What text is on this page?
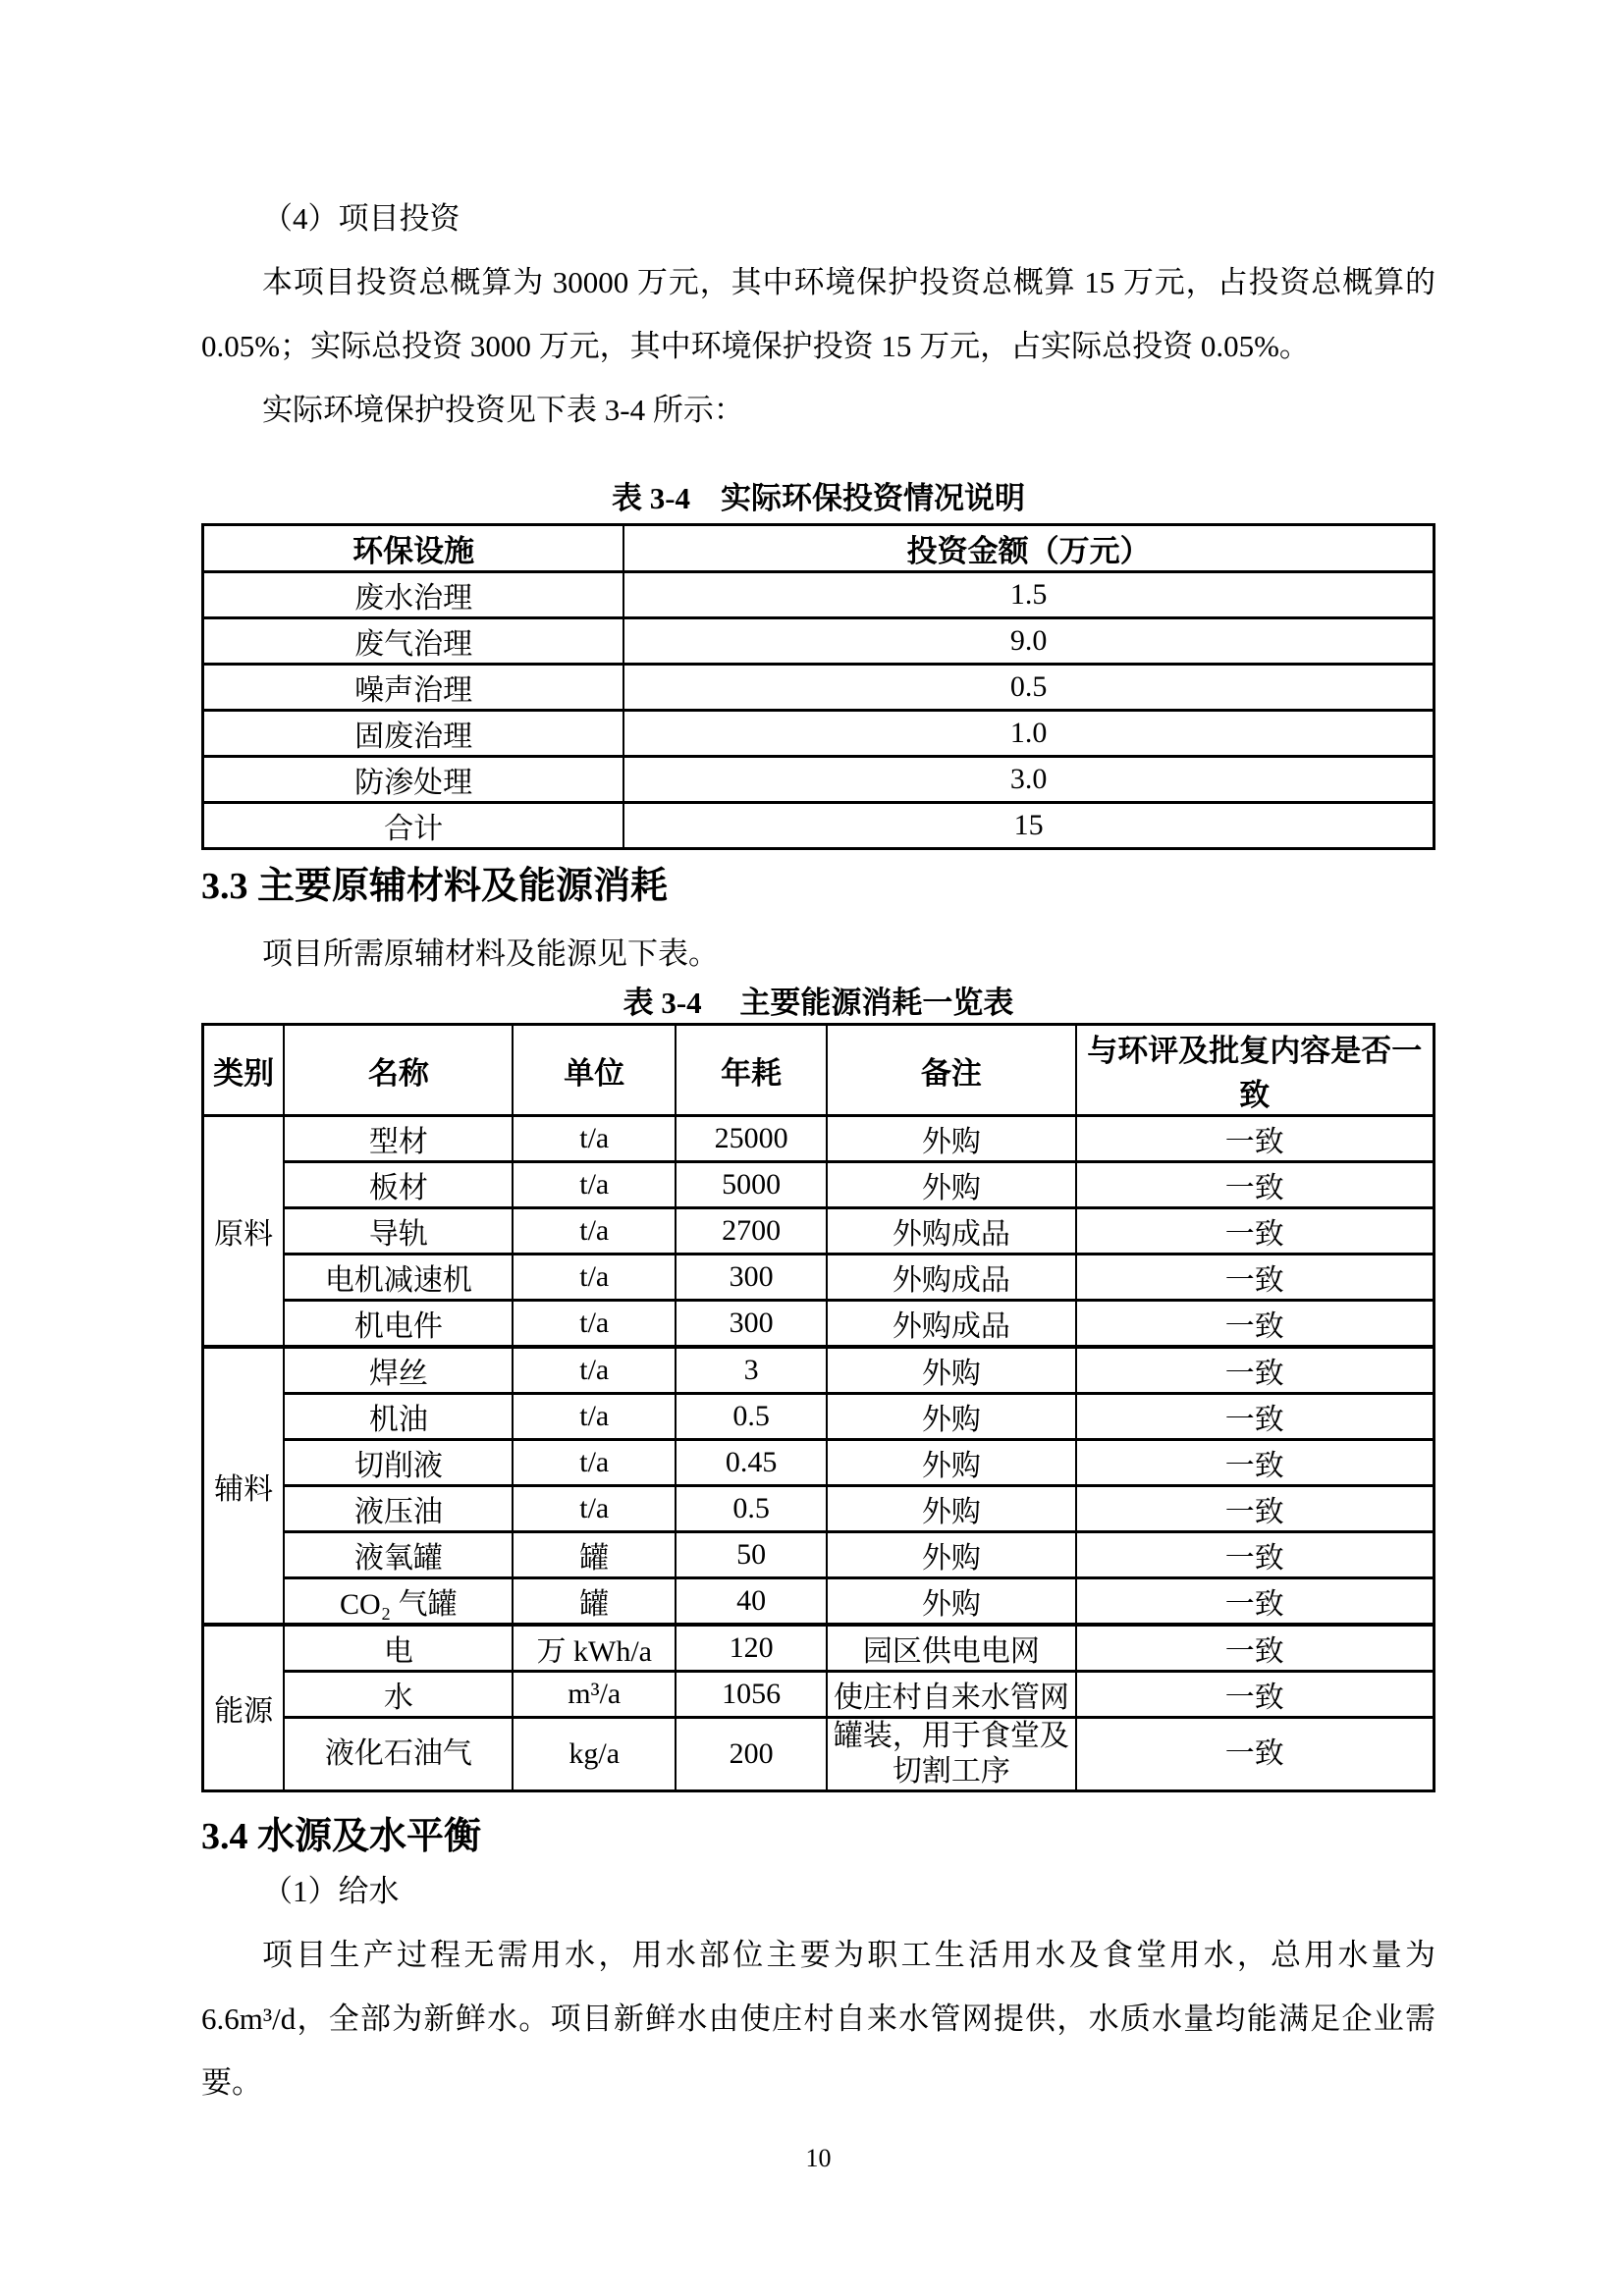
（4）项目投资

本项目投资总概算为 30000 万元，其中环境保护投资总概算 15 万元，占投资总概算的 0.05%；实际总投资 3000 万元，其中环境保护投资 15 万元，占实际总投资 0.05%。

实际环境保护投资见下表 3-4 所示：

表 3-4　实际环保投资情况说明

环保设施	投资金额（万元）
废水治理	1.5
废气治理	9.0
噪声治理	0.5
固废治理	1.0
防渗处理	3.0
合计	15
3.3 主要原辅材料及能源消耗

项目所需原辅材料及能源见下表。

表 3-4　 主要能源消耗一览表

类别	名称	单位	年耗	备注	与环评及批复内容是否一致
原料	型材	t/a	25000	外购	一致
	板材	t/a	5000	外购	一致
	导轨	t/a	2700	外购成品	一致
	电机减速机	t/a	300	外购成品	一致
	机电件	t/a	300	外购成品	一致
辅料	焊丝	t/a	3	外购	一致
	机油	t/a	0.5	外购	一致
	切削液	t/a	0.45	外购	一致
	液压油	t/a	0.5	外购	一致
	液氧罐	罐	50	外购	一致
	CO₂ 气罐	罐	40	外购	一致
能源	电	万 kWh/a	120	园区供电电网	一致
	水	m³/a	1056	使庄村自来水管网	一致
	液化石油气	kg/a	200	罐装，用于食堂及切割工序	一致
3.4 水源及水平衡

（1）给水

项目生产过程无需用水，用水部位主要为职工生活用水及食堂用水，总用水量为 6.6m³/d，全部为新鲜水。项目新鲜水由使庄村自来水管网提供，水质水量均能满足企业需要。

10
